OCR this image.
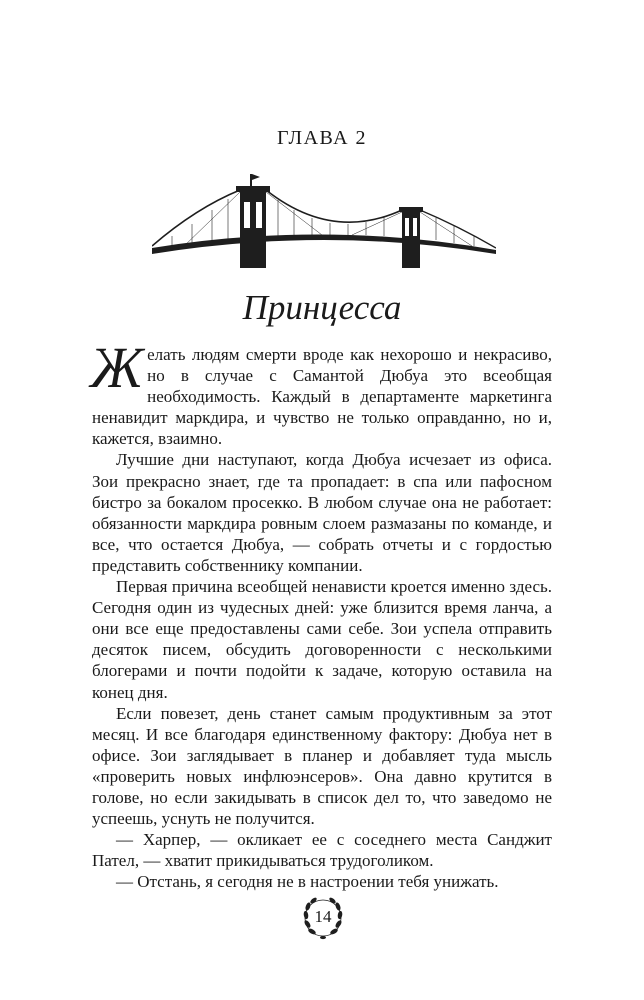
ГЛАВА 2
Принцесса

Желать людям смерти вроде как нехорошо и некрасиво, но в случае с Самантой Дюбуа это всеобщая необходимость. Каждый в департаменте маркетинга ненавидит маркдира, и чувство не только оправданно, но и, кажется, взаимно.

Лучшие дни наступают, когда Дюбуа исчезает из офиса. Зои прекрасно знает, где та пропадает: в спа или пафосном бистро за бокалом просекко. В любом случае она не работает: обязанности маркдира ровным слоем размазаны по команде, и все, что остается Дюбуа, — собрать отчеты и с гордостью представить собственнику компании.

Первая причина всеобщей ненависти кроется именно здесь. Сегодня один из чудесных дней: уже близится время ланча, а они все еще предоставлены сами себе. Зои успела отправить десяток писем, обсудить договоренности с несколькими блогерами и почти подойти к задаче, которую оставила на конец дня.

Если повезет, день станет самым продуктивным за этот месяц. И все благодаря единственному фактору: Дюбуа нет в офисе. Зои заглядывает в планер и добавляет туда мысль «проверить новых инфлюэнсеров». Она давно крутится в голове, но если закидывать в список дел то, что заведомо не успеешь, уснуть не получится.

— Харпер, — окликает ее с соседнего места Санджит Пател, — хватит прикидываться трудоголиком.

— Отстань, я сегодня не в настроении тебя унижать.

14
